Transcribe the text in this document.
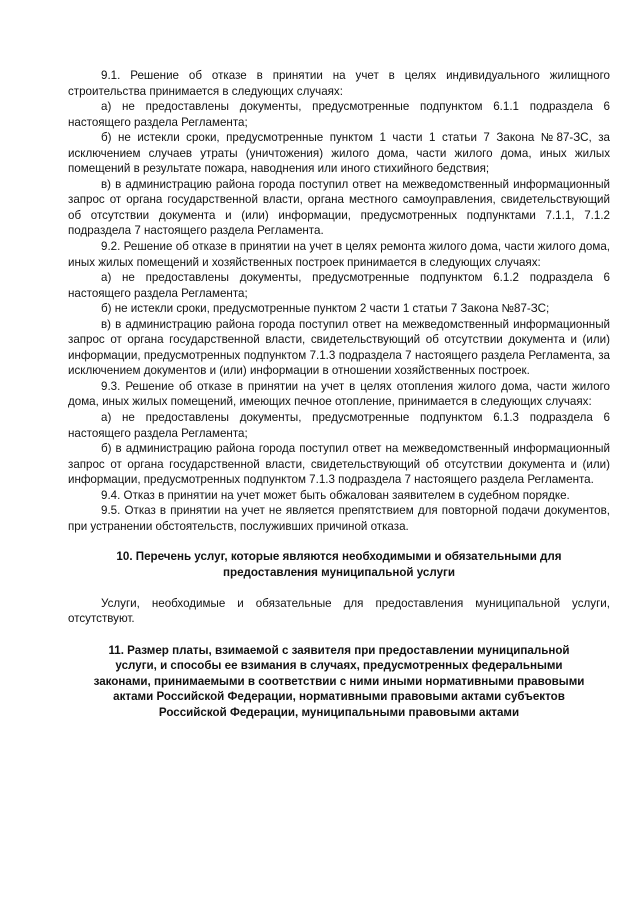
9.1. Решение об отказе в принятии на учет в целях индивидуального жилищного строительства принимается в следующих случаях:

а) не предоставлены документы, предусмотренные подпунктом 6.1.1 подраздела 6 настоящего раздела Регламента;

б) не истекли сроки, предусмотренные пунктом 1 части 1 статьи 7 Закона №87-ЗС, за исключением случаев утраты (уничтожения) жилого дома, части жилого дома, иных жилых помещений в результате пожара, наводнения или иного стихийного бедствия;

в) в администрацию района города поступил ответ на межведомственный информационный запрос от органа государственной власти, органа местного самоуправления, свидетельствующий об отсутствии документа и (или) информации, предусмотренных подпунктами 7.1.1, 7.1.2 подраздела 7 настоящего раздела Регламента.

9.2. Решение об отказе в принятии на учет в целях ремонта жилого дома, части жилого дома, иных жилых помещений и хозяйственных построек принимается в следующих случаях:

а) не предоставлены документы, предусмотренные подпунктом 6.1.2 подраздела 6 настоящего раздела Регламента;

б) не истекли сроки, предусмотренные пунктом 2 части 1 статьи 7 Закона №87-ЗС;

в) в администрацию района города поступил ответ на межведомственный информационный запрос от органа государственной власти, свидетельствующий об отсутствии документа и (или) информации, предусмотренных подпунктом 7.1.3 подраздела 7 настоящего раздела Регламента, за исключением документов и (или) информации в отношении хозяйственных построек.

9.3. Решение об отказе в принятии на учет в целях отопления жилого дома, части жилого дома, иных жилых помещений, имеющих печное отопление, принимается в следующих случаях:

а) не предоставлены документы, предусмотренные подпунктом 6.1.3 подраздела 6 настоящего раздела Регламента;

б) в администрацию района города поступил ответ на межведомственный информационный запрос от органа государственной власти, свидетельствующий об отсутствии документа и (или) информации, предусмотренных подпунктом 7.1.3 подраздела 7 настоящего раздела Регламента.

9.4. Отказ в принятии на учет может быть обжалован заявителем в судебном порядке.

9.5. Отказ в принятии на учет не является препятствием для повторной подачи документов, при устранении обстоятельств, послуживших причиной отказа.

10. Перечень услуг, которые являются необходимыми и обязательными для предоставления муниципальной услуги

Услуги, необходимые и обязательные для предоставления муниципальной услуги, отсутствуют.

11. Размер платы, взимаемой с заявителя при предоставлении муниципальной услуги, и способы ее взимания в случаях, предусмотренных федеральными законами, принимаемыми в соответствии с ними иными нормативными правовыми актами Российской Федерации, нормативными правовыми актами субъектов Российской Федерации, муниципальными правовыми актами
